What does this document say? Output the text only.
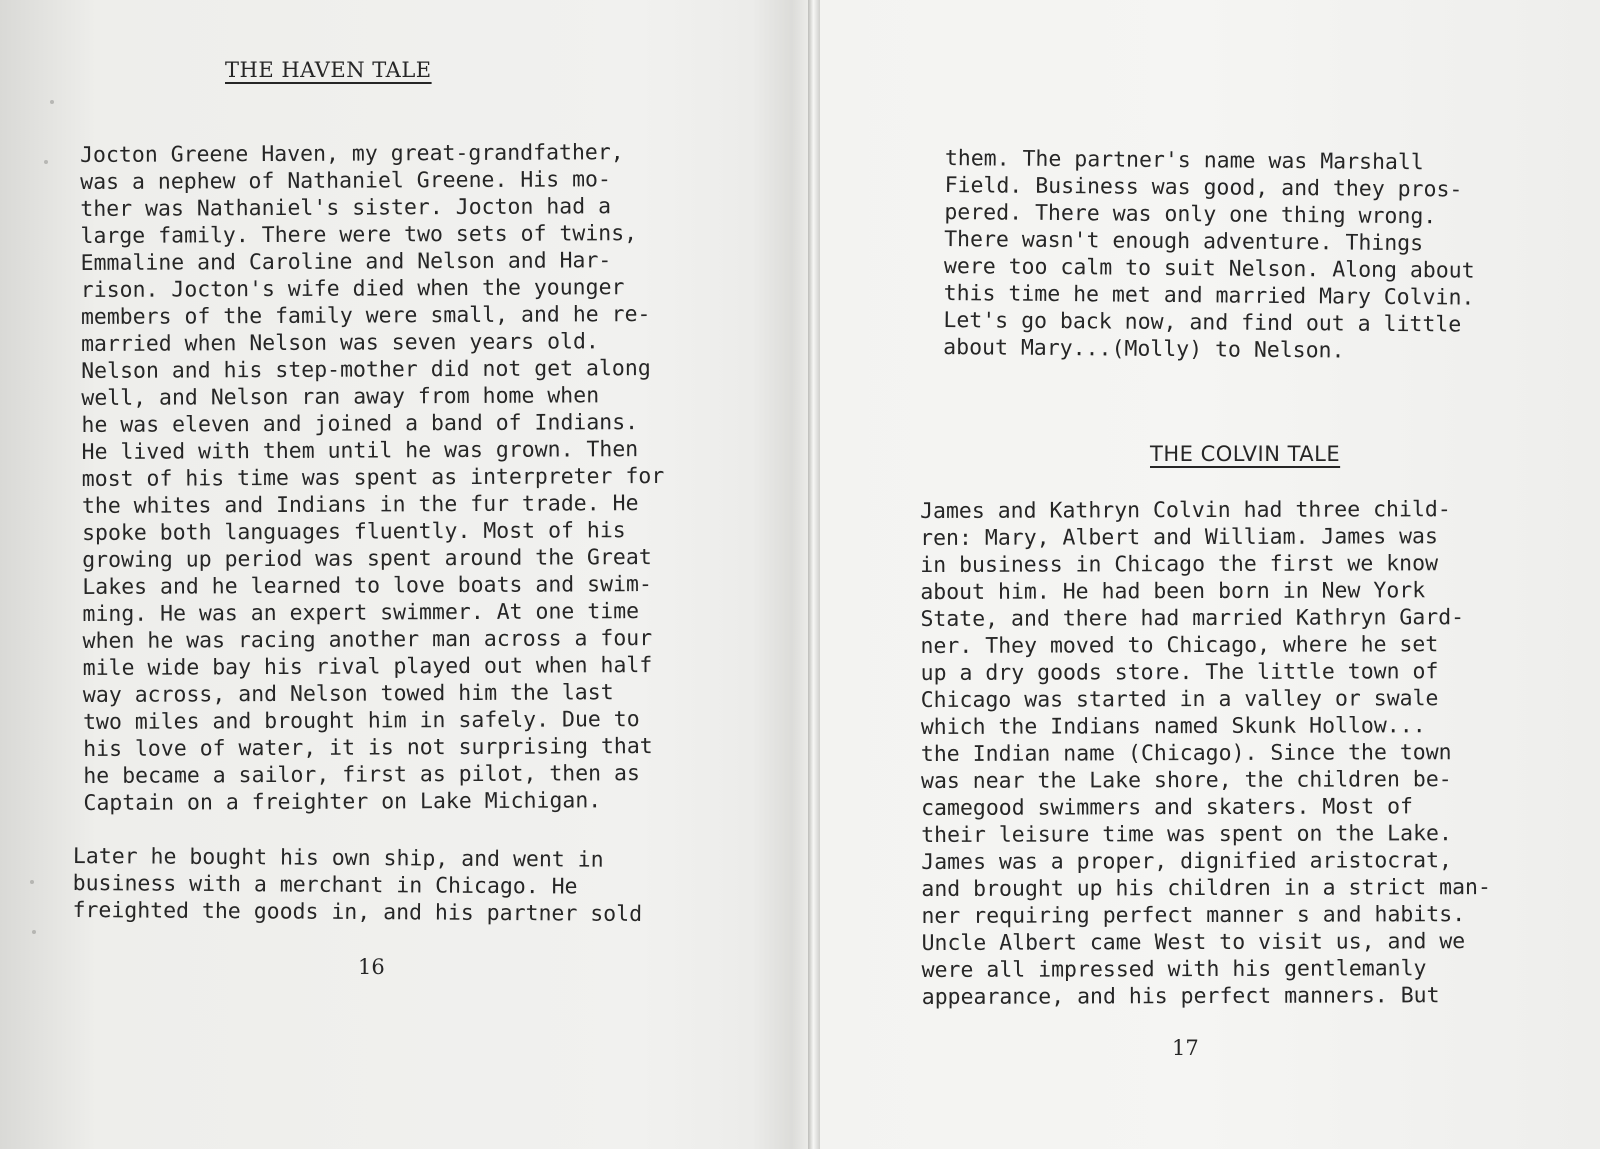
THE HAVEN TALE
Jocton Greene Haven, my great-grandfather,
was a nephew of Nathaniel Greene. His mo-
ther was Nathaniel's sister. Jocton had a
large family. There were two sets of twins,
Emmaline and Caroline and Nelson and Har-
rison. Jocton's wife died when the younger
members of the family were small, and he re-
married when Nelson was seven years old.
Nelson and his step-mother did not get along
well, and Nelson ran away from home when
he was eleven and joined a band of Indians.
He lived with them until he was grown. Then
most of his time was spent as interpreter for
the whites and Indians in the fur trade. He
spoke both languages fluently. Most of his
growing up period was spent around the Great
Lakes and he learned to love boats and swim-
ming. He was an expert swimmer. At one time
when he was racing another man across a four
mile wide bay his rival played out when half
way across, and Nelson towed him the last
two miles and brought him in safely. Due to
his love of water, it is not surprising that
he became a sailor, first as pilot, then as
Captain on a freighter on Lake Michigan.
Later he bought his own ship, and went in
business with a merchant in Chicago. He
freighted the goods in, and his partner sold
16
them. The partner's name was Marshall
Field. Business was good, and they pros-
pered. There was only one thing wrong.
There wasn't enough adventure. Things
were too calm to suit Nelson. Along about
this time he met and married Mary Colvin.
Let's go back now, and find out a little
about Mary...(Molly) to Nelson.
THE COLVIN TALE
James and Kathryn Colvin had three child-
ren: Mary, Albert and William. James was
in business in Chicago the first we know
about him. He had been born in New York
State, and there had married Kathryn Gard-
ner. They moved to Chicago, where he set
up a dry goods store. The little town of
Chicago was started in a valley or swale
which the Indians named Skunk Hollow...
the Indian name (Chicago). Since the town
was near the Lake shore, the children be-
camegood swimmers and skaters. Most of
their leisure time was spent on the Lake.
James was a proper, dignified aristocrat,
and brought up his children in a strict man-
ner requiring perfect manner s and habits.
Uncle Albert came West to visit us, and we
were all impressed with his gentlemanly
appearance, and his perfect manners. But
17
